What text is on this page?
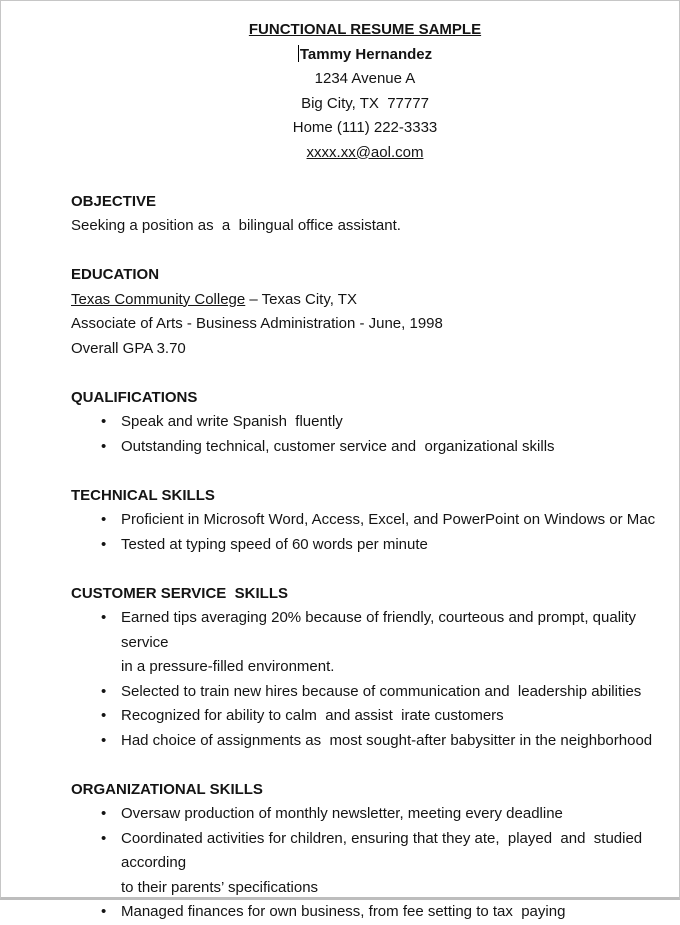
FUNCTIONAL RESUME SAMPLE
Tammy Hernandez
1234 Avenue A
Big City, TX  77777
Home (111) 222-3333
xxxx.xx@aol.com
OBJECTIVE
Seeking a position as  a  bilingual office assistant.
EDUCATION
Texas Community College – Texas City, TX
Associate of Arts - Business Administration - June, 1998
Overall GPA 3.70
QUALIFICATIONS
• Speak and write Spanish  fluently
• Outstanding technical, customer service and  organizational skills
TECHNICAL SKILLS
• Proficient in Microsoft Word, Access, Excel, and PowerPoint on Windows or Mac
• Tested at typing speed of 60 words per minute
CUSTOMER SERVICE  SKILLS
• Earned tips averaging 20% because of friendly, courteous and prompt, quality service
in a pressure-filled environment.
• Selected to train new hires because of communication and  leadership abilities
• Recognized for ability to calm  and assist  irate customers
• Had choice of assignments as  most sought-after babysitter in the neighborhood
ORGANIZATIONAL SKILLS
• Oversaw production of monthly newsletter, meeting every deadline
• Coordinated activities for children, ensuring that they ate,  played  and  studied according
to their parents’ specifications
• Managed finances for own business, from fee setting to tax  paying
